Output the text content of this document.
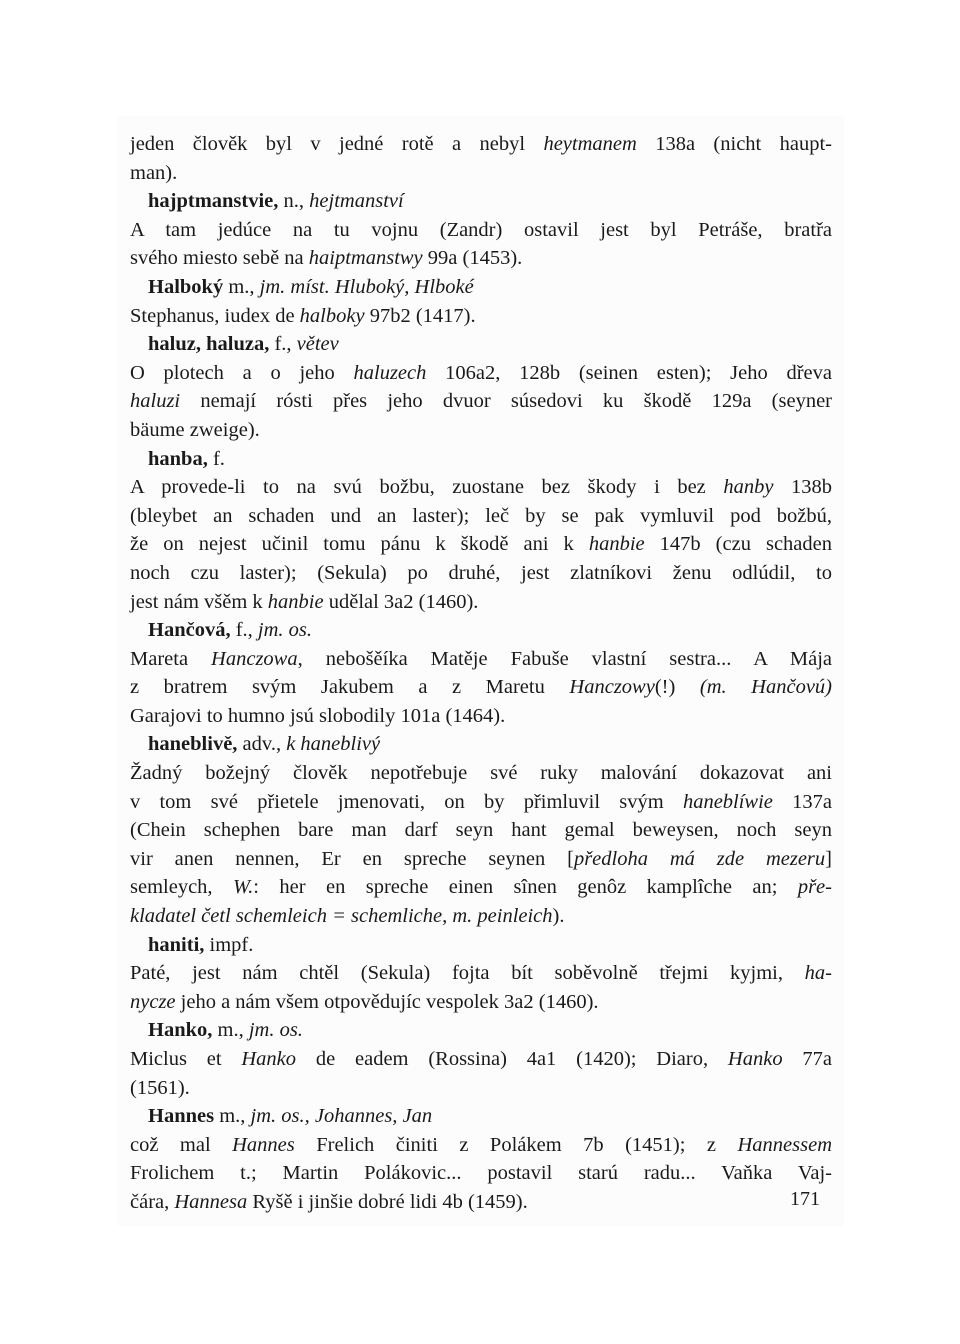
jeden člověk byl v jedné rotě a nebyl heytmanem 138a (nicht haupt-
man).
hajptmanstvie, n., hejtmanství
A tam jedúce na tu vojnu (Zandr) ostavil jest byl Petráše, bratřa
svého miesto sebě na haiptmanstwy 99a (1453).
Halboký m., jm. míst. Hluboký, Hlboké
Stephanus, iudex de halboky 97b2 (1417).
haluz, haluza, f., větev
O plotech a o jeho haluzech 106a2, 128b (seinen esten); Jeho dřeva
haluzi nemají rósti přes jeho dvuor súsedovi ku škodě 129a (seyner
bäume zweige).
hanba, f.
A provede-li to na svú božbu, zuostane bez škody i bez hanby 138b
(bleybet an schaden und an laster); leč by se pak vymluvil pod božbú,
že on nejest učinil tomu pánu k škodě ani k hanbie 147b (czu schaden
noch czu laster); (Sekula) po druhé, jest zlatníkovi ženu odlúdil, to
jest nám všěm k hanbie udělal 3a2 (1460).
Hančová, f., jm. os.
Mareta Hanczowa, nebošěíka Matěje Fabuše vlastní sestra... A Mája
z bratrem svým Jakubem a z Maretu Hanczowy(!) (m. Hančovú)
Garajovi to humno jsú slobodily 101a (1464).
haneblivě, adv., k haneblivý
Žadný božejný člověk nepotřebuje své ruky malování dokazovat ani
v tom své přietele jmenovati, on by přimluvil svým haneblíwie 137a
(Chein schephen bare man darf seyn hant gemal beweysen, noch seyn
vir anen nennen, Er en spreche seynen [předloha má zde mezeru]
semleych, W.: her en spreche einen sînen genôz kamplîche an; pře-
kladatel četl schemleich = schemliche, m. peinleich).
haniti, impf.
Paté, jest nám chtěl (Sekula) fojta bít soběvolně třejmi kyjmi, ha-
nycze jeho a nám všem otpovědujíc vespolek 3a2 (1460).
Hanko, m., jm. os.
Miclus et Hanko de eadem (Rossina) 4a1 (1420); Diaro, Hanko 77a
(1561).
Hannes m., jm. os., Johannes, Jan
což mal Hannes Frelich činiti z Polákem 7b (1451); z Hannessem
Frolichem t.; Martin Polákovic... postavil starú radu... Vaňka Vaj-
čára, Hannesa Ryšě i jinšie dobré lidi 4b (1459).	171
